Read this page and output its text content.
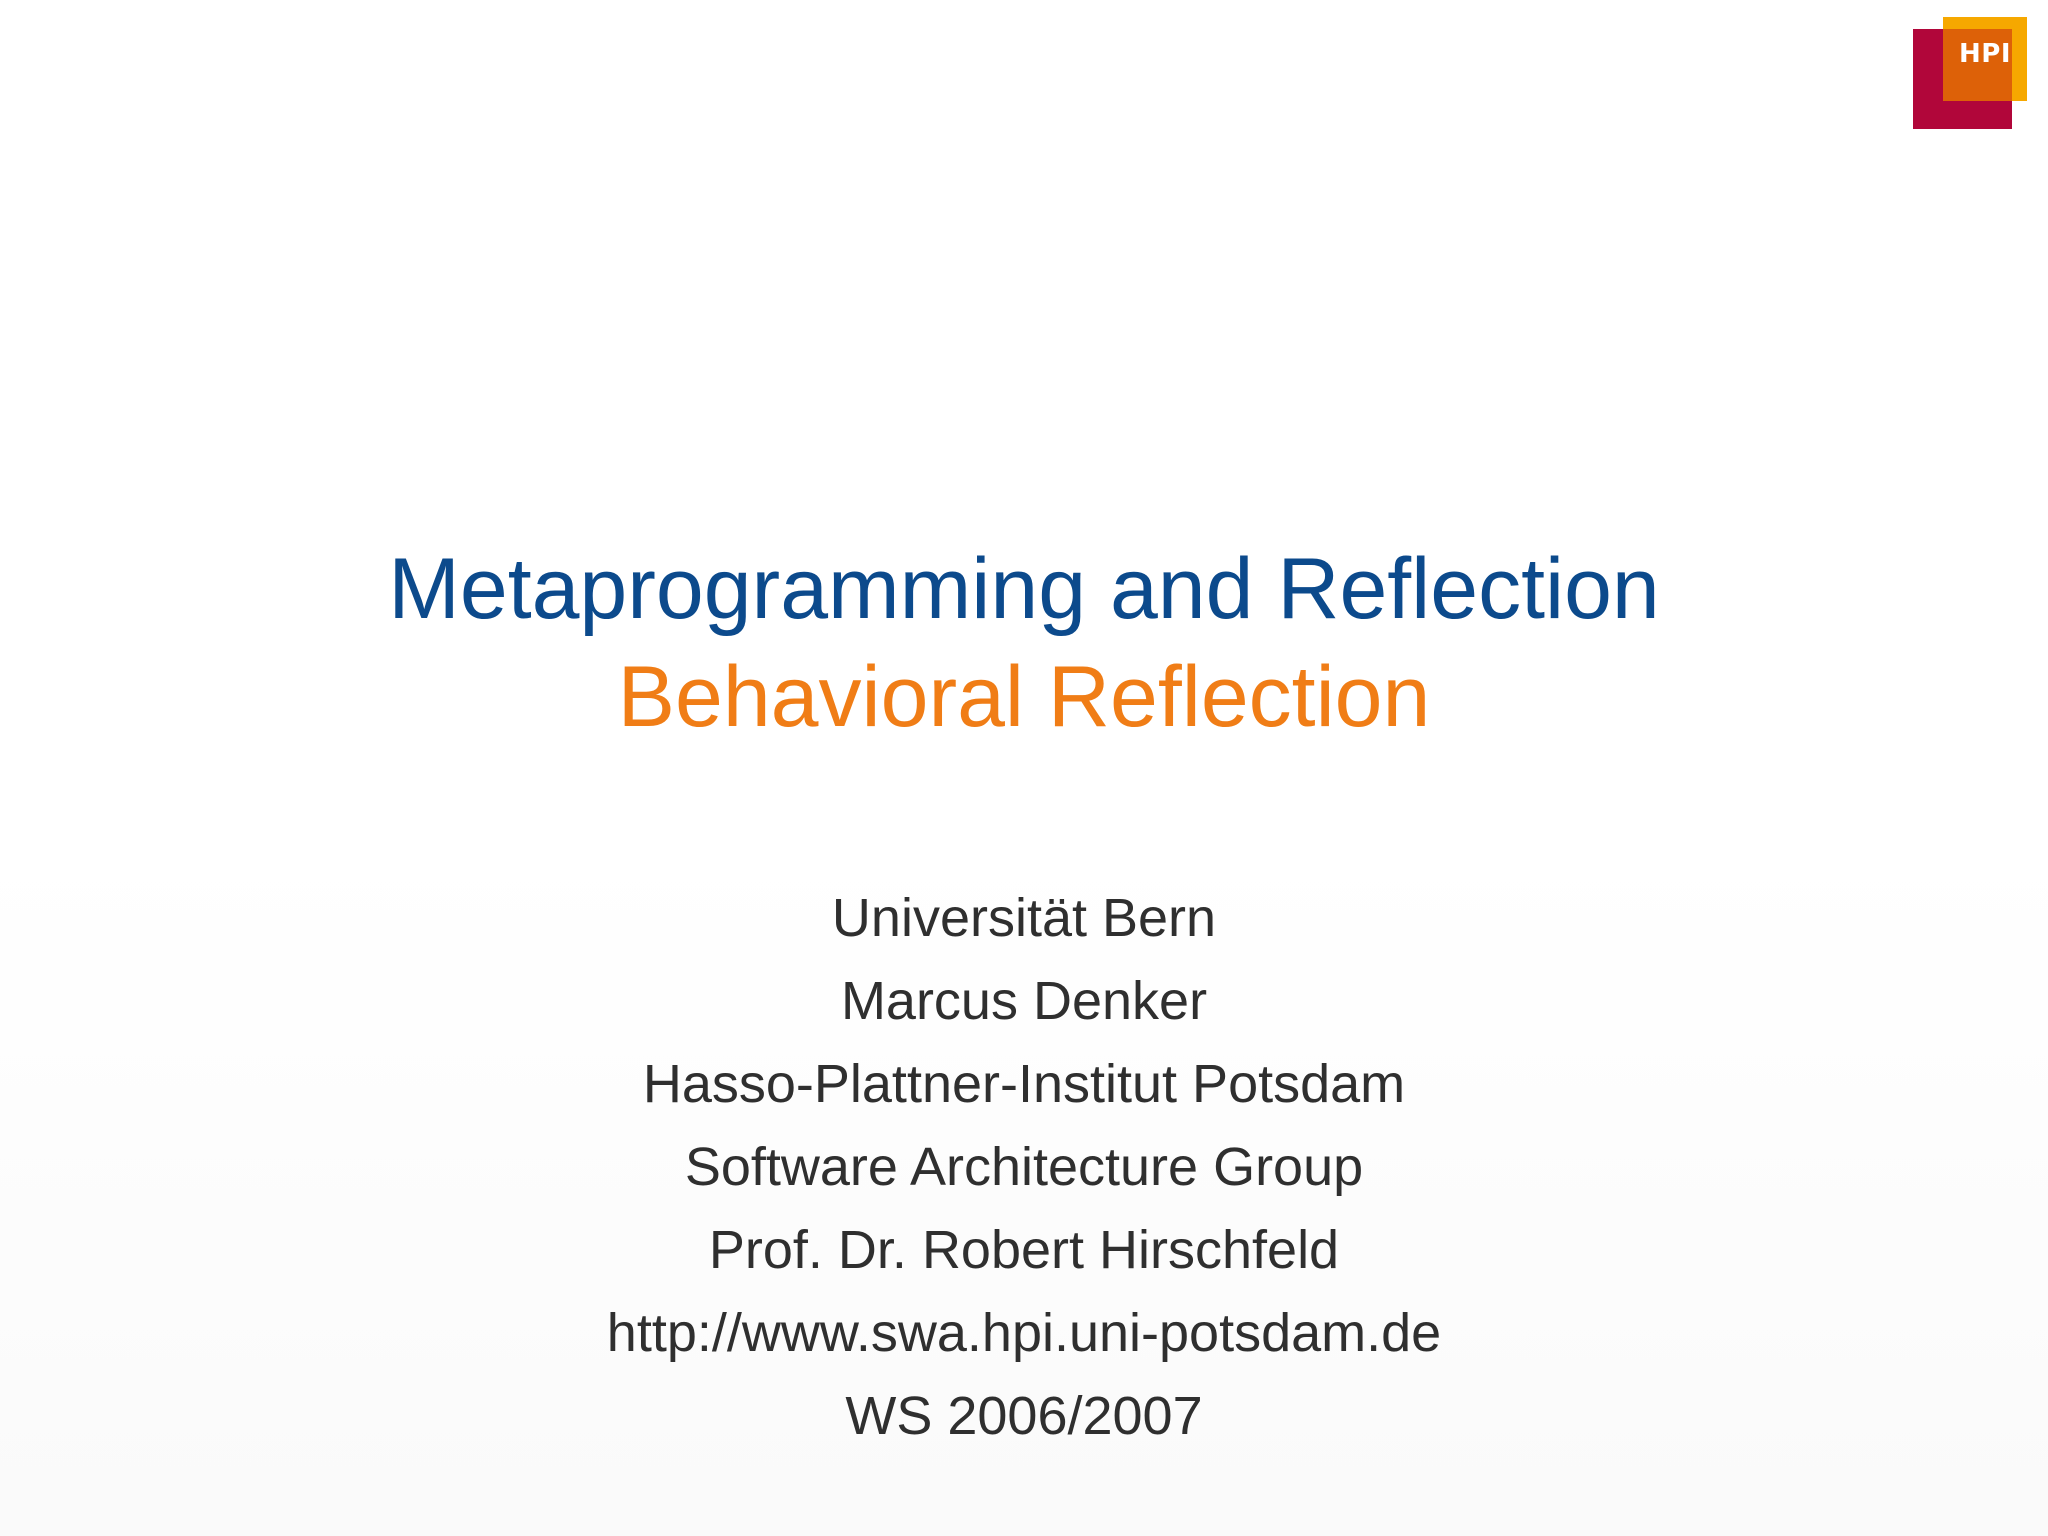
HPI
Metaprogramming and Reflection
Behavioral Reflection
Universität Bern
Marcus Denker
Hasso-Plattner-Institut Potsdam
Software Architecture Group
Prof. Dr. Robert Hirschfeld
http://www.swa.hpi.uni-potsdam.de
WS 2006/2007
